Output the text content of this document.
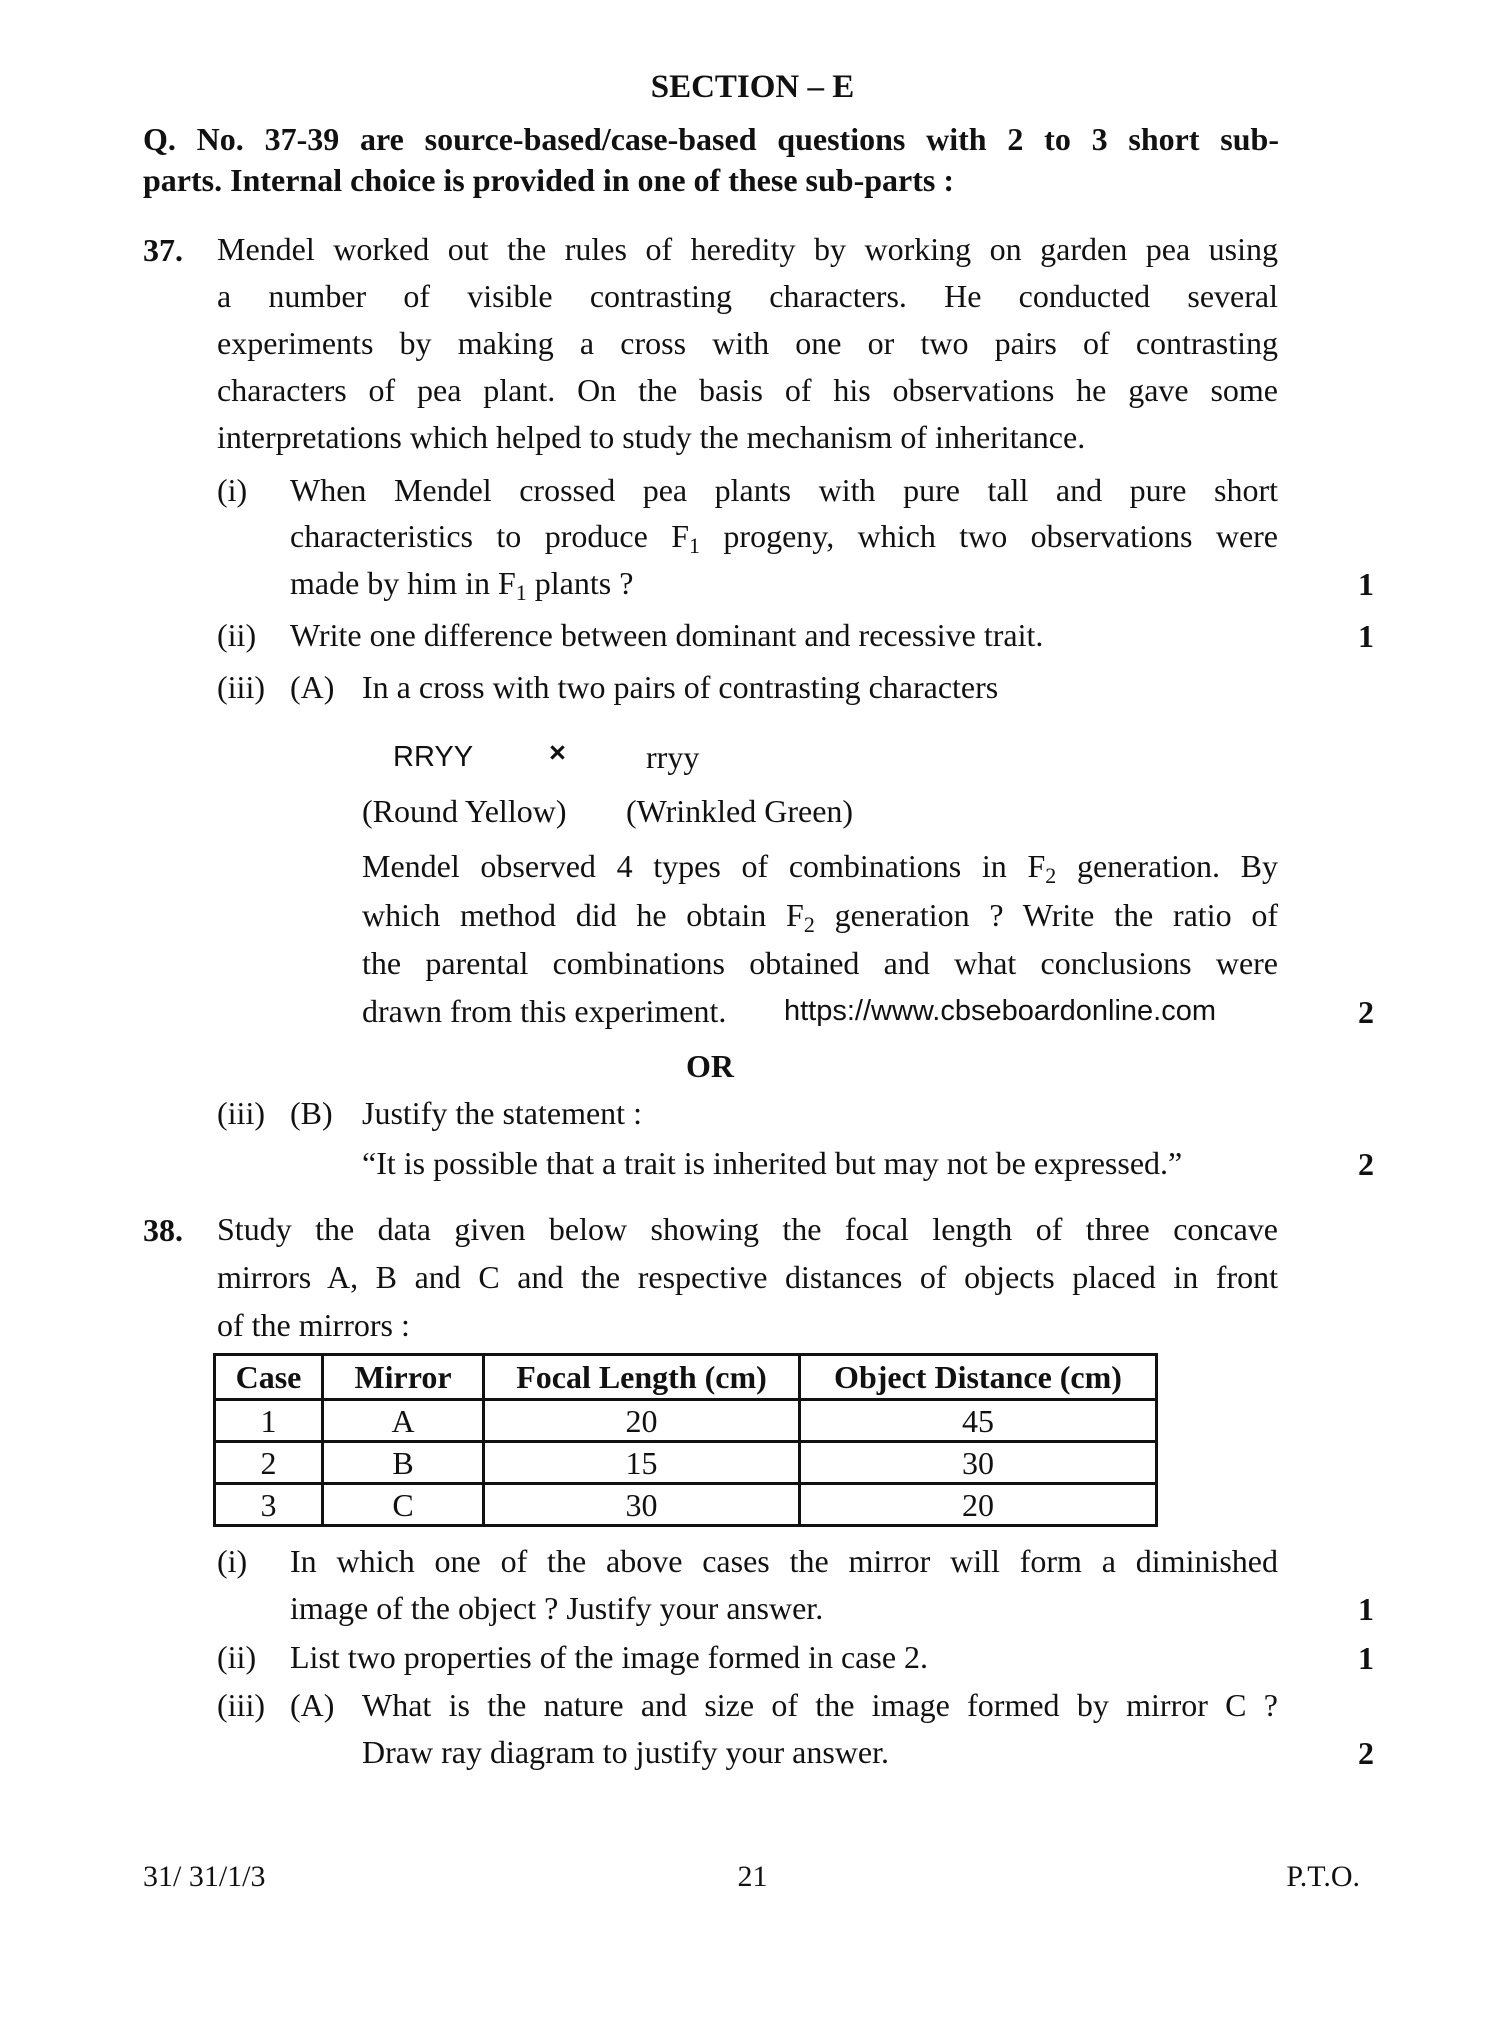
SECTION – E
Q. No. 37-39 are source-based/case-based questions with 2 to 3 short sub-
parts. Internal choice is provided in one of these sub-parts :
37. Mendel worked out the rules of heredity by working on garden pea using
a number of visible contrasting characters. He conducted several
experiments by making a cross with one or two pairs of contrasting
characters of pea plant. On the basis of his observations he gave some
interpretations which helped to study the mechanism of inheritance.
(i) When Mendel crossed pea plants with pure tall and pure short
characteristics to produce $F_1$ progeny, which two observations were
made by him in $F_1$ plants ?	1
(ii) Write one difference between dominant and recessive trait.	1
(iii) (A) In a cross with two pairs of contrasting characters
RRYY	×	rryy
(Round Yellow) (Wrinkled Green)
Mendel observed 4 types of combinations in $F_2$ generation. By
which method did he obtain $F_2$ generation ? Write the ratio of
the parental combinations obtained and what conclusions were
drawn from this experiment. https://www.cbseboardonline.com	2
OR
(iii) (B) Justify the statement :
“It is possible that a trait is inherited but may not be expressed.”	2
38. Study the data given below showing the focal length of three concave
mirrors A, B and C and the respective distances of objects placed in front
of the mirrors :
Case	Mirror	Focal Length (cm)	Object Distance (cm)
1	A	20	45
2	B	15	30
3	C	30	20
(i) In which one of the above cases the mirror will form a diminished
image of the object ? Justify your answer.	1
(ii) List two properties of the image formed in case 2.	1
(iii) (A) What is the nature and size of the image formed by mirror C ?
Draw ray diagram to justify your answer.	2
31/ 31/1/3	21	P.T.O.
